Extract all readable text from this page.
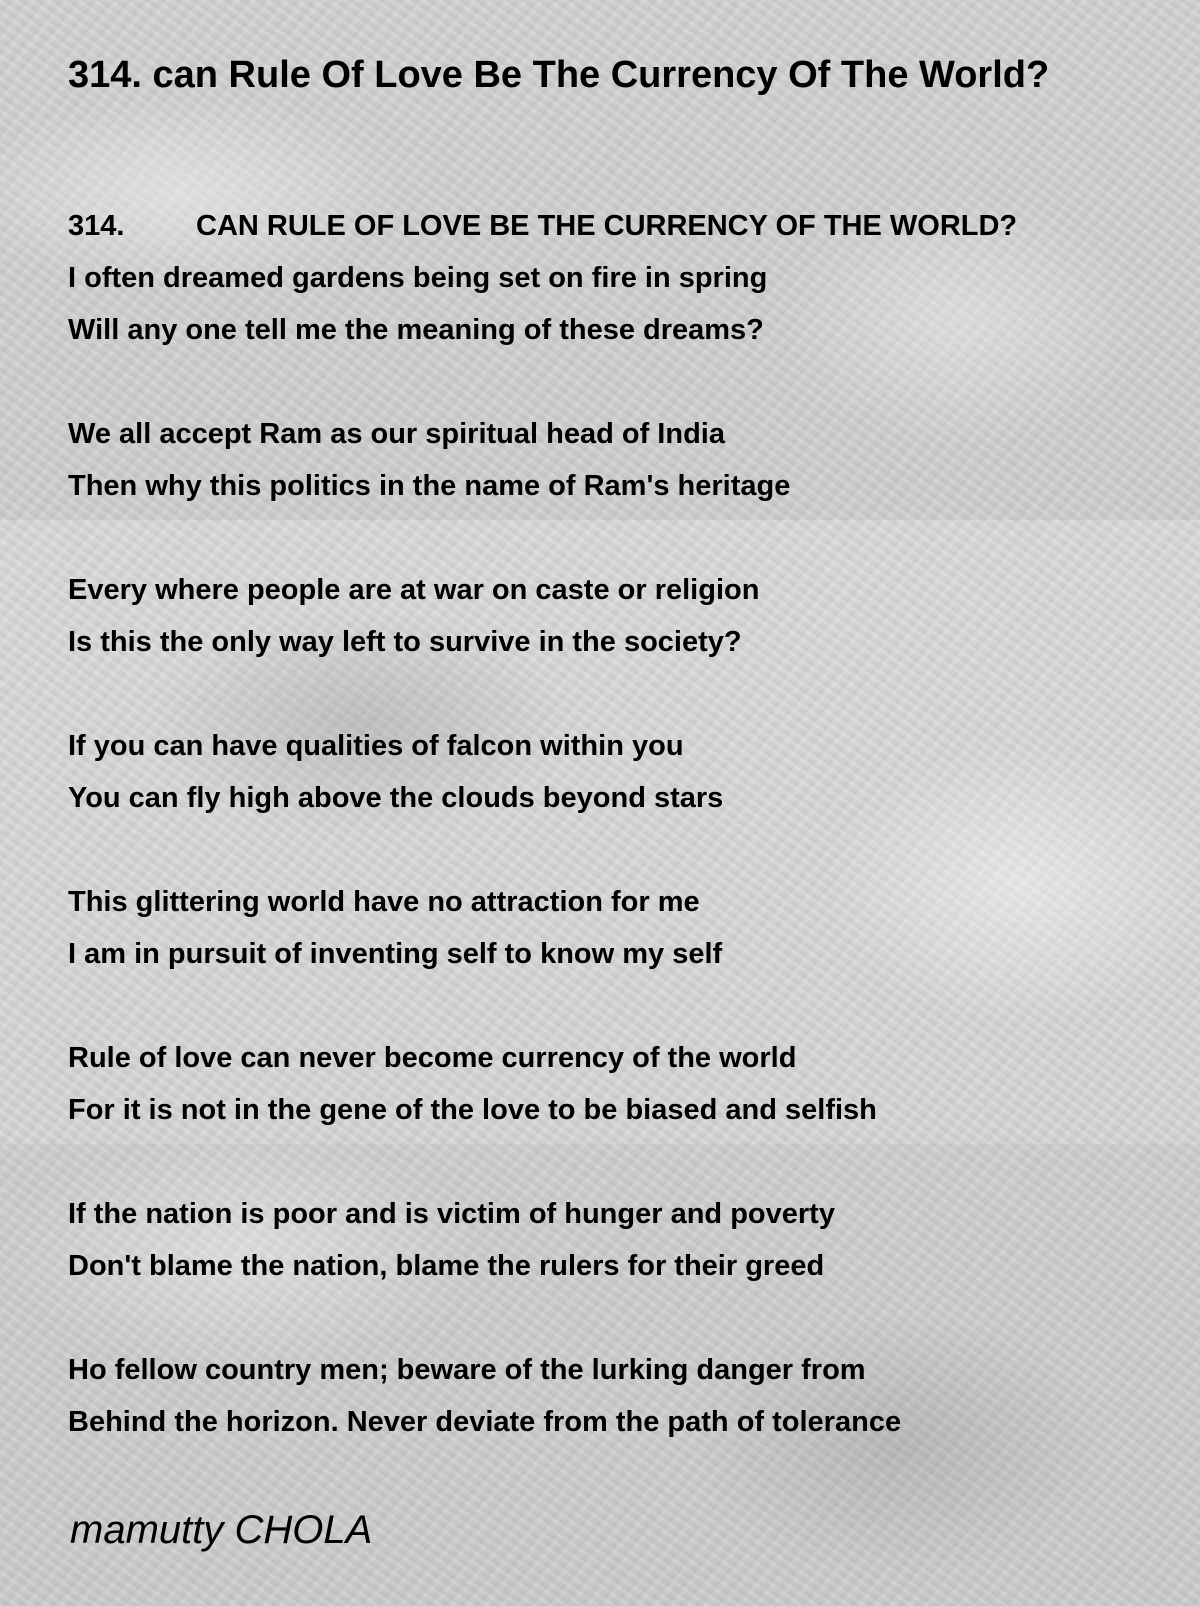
314. can Rule Of Love Be The Currency Of The World?
314. CAN RULE OF LOVE BE THE CURRENCY OF THE WORLD?
I often dreamed gardens being set on fire in spring
Will any one tell me the meaning of these dreams?
We all accept Ram as our spiritual head of India
Then why this politics in the name of Ram's heritage
Every where people are at war on caste or religion
Is this the only way left to survive in the society?
If you can have qualities of falcon within you
You can fly high above the clouds beyond stars
This glittering world have no attraction for me
I am in pursuit of inventing self to know my self
Rule of love can never become currency of the world
For it is not in the gene of the love to be biased and selfish
If the nation is poor and is victim of hunger and poverty
Don't blame the nation, blame the rulers for their greed
Ho fellow country men; beware of the lurking danger from
Behind the horizon. Never deviate from the path of tolerance

mamutty CHOLA
